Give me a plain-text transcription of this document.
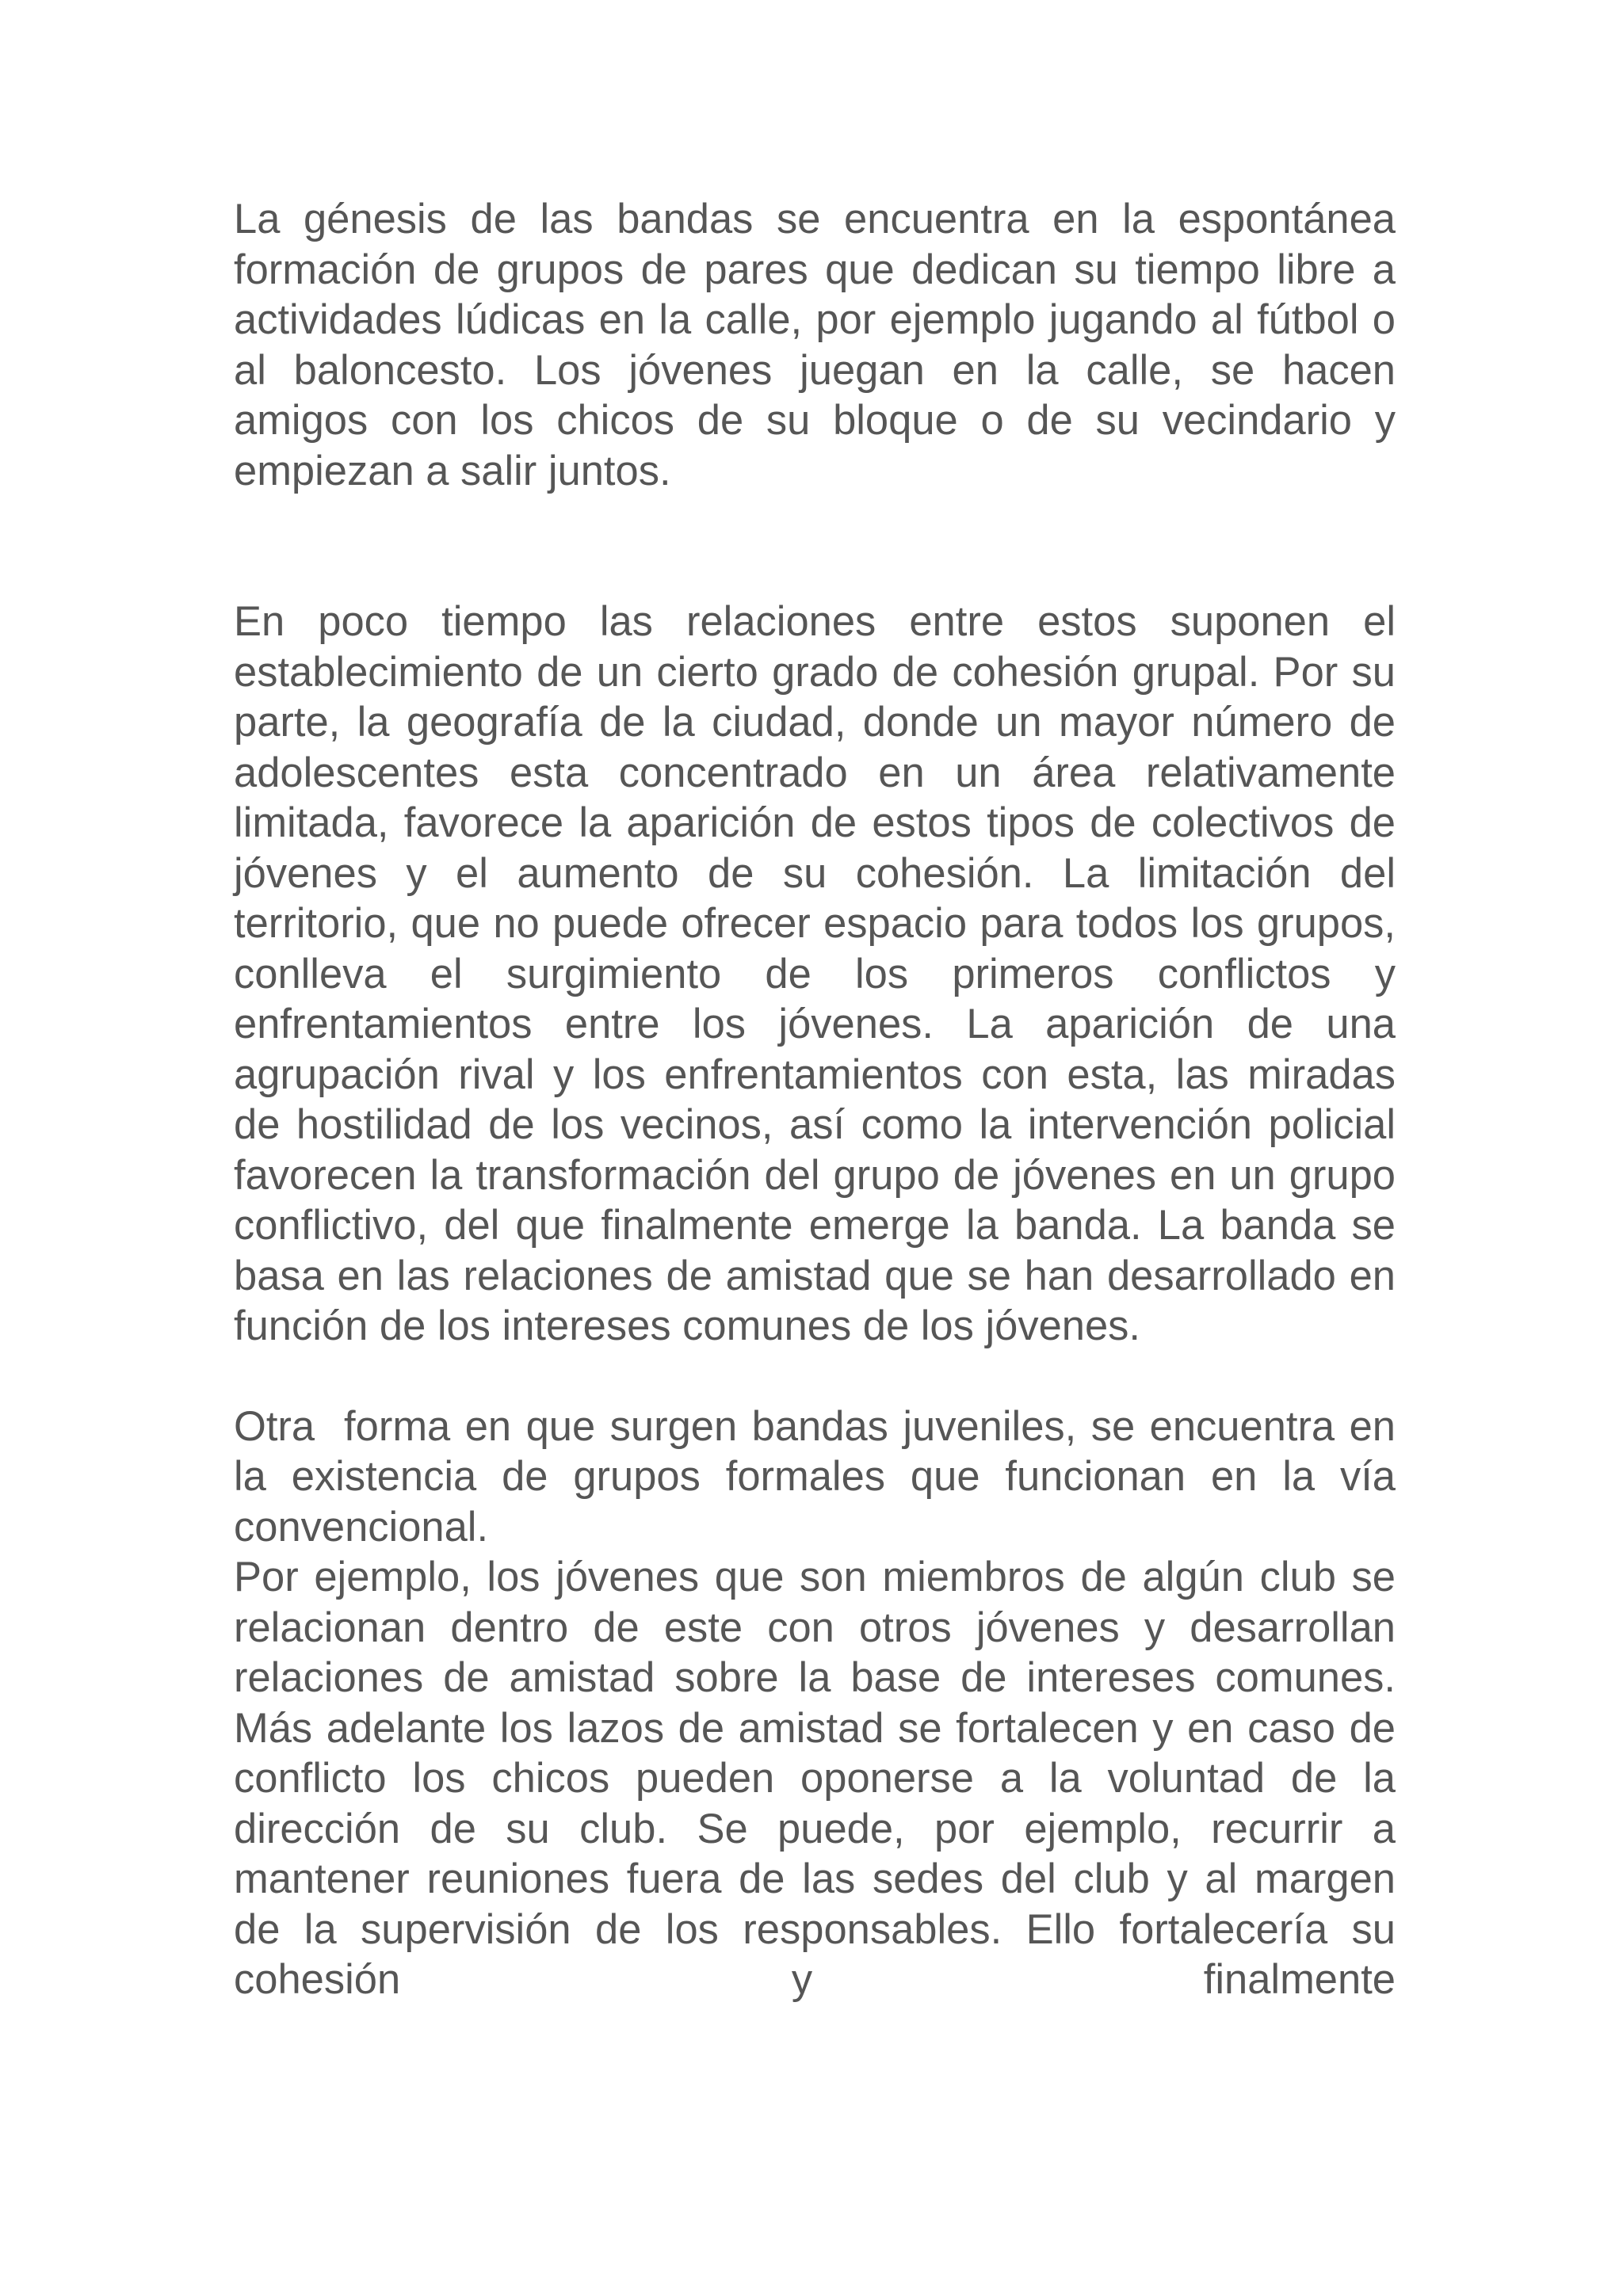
La génesis de las bandas se encuentra en la espontánea formación de grupos de pares que dedican su tiempo libre a actividades lúdicas en la calle, por ejemplo jugando al fútbol o al baloncesto. Los jóvenes juegan en la calle, se hacen amigos con los chicos de su bloque o de su vecindario y empiezan a salir juntos.

En poco tiempo las relaciones entre estos suponen el establecimiento de un cierto grado de cohesión grupal. Por su parte, la geografía de la ciudad, donde un mayor número de adolescentes esta concentrado en un área relativamente limitada, favorece la aparición de estos tipos de colectivos de jóvenes y el aumento de su cohesión. La limitación del territorio, que no puede ofrecer espacio para todos los grupos, conlleva el surgimiento de los primeros conflictos y enfrentamientos entre los jóvenes. La aparición de una agrupación rival y los enfrentamientos con esta, las miradas de hostilidad de los vecinos, así como la intervención policial favorecen la transformación del grupo de jóvenes en un grupo conflictivo, del que finalmente emerge la banda. La banda se basa en las relaciones de amistad que se han desarrollado en función de los intereses comunes de los jóvenes.

Otra  forma en que surgen bandas juveniles, se encuentra en la existencia de grupos formales que funcionan en la vía convencional.

Por ejemplo, los jóvenes que son miembros de algún club se relacionan dentro de este con otros jóvenes y desarrollan relaciones de amistad sobre la base de intereses comunes. Más adelante los lazos de amistad se fortalecen y en caso de conflicto los chicos pueden oponerse a la voluntad de la dirección de su club. Se puede, por ejemplo, recurrir a mantener reuniones fuera de las sedes del club y al margen de la supervisión de los responsables. Ello fortalecería su cohesión y finalmente
